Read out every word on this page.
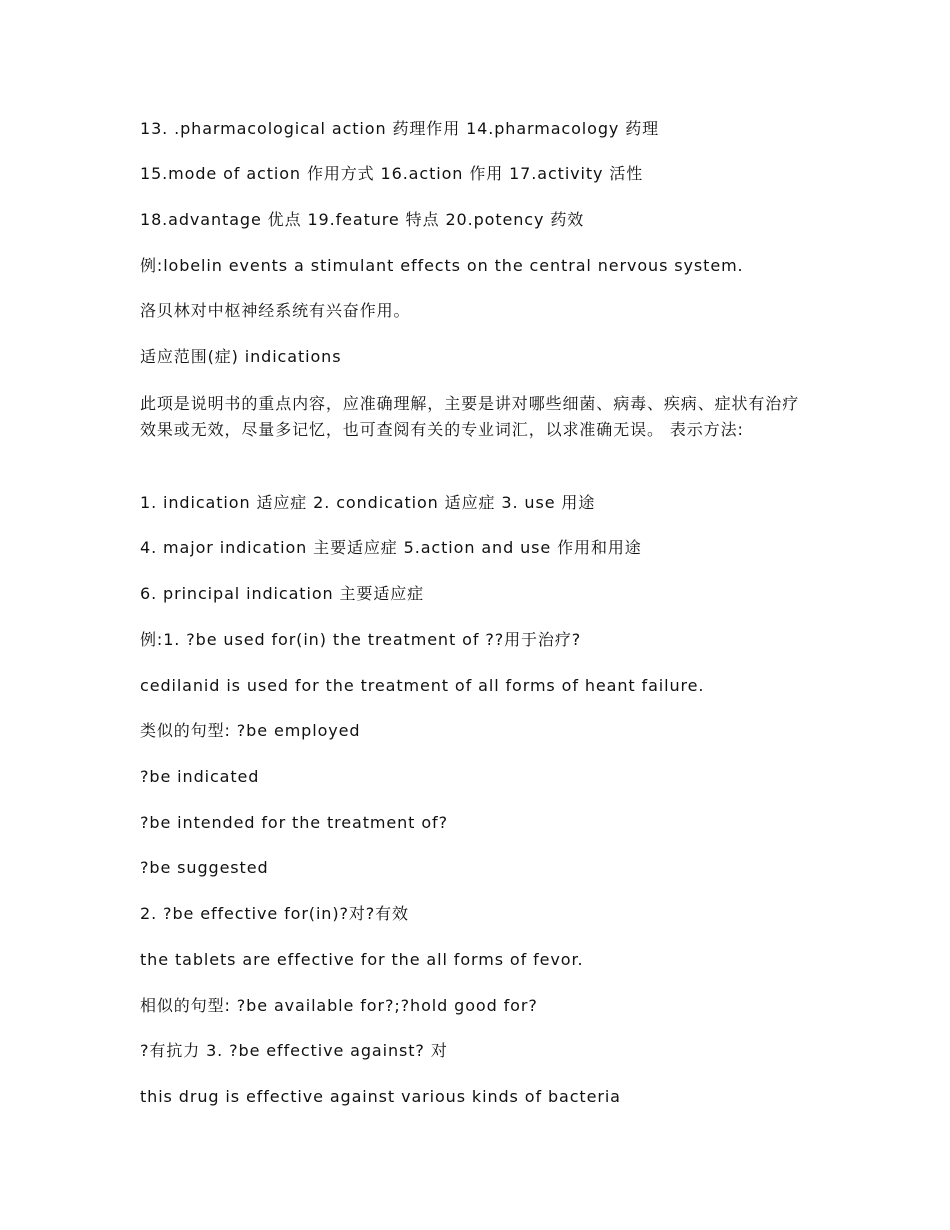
13. .pharmacological action 药理作用 14.pharmacology 药理
15.mode of action 作用方式 16.action 作用 17.activity 活性
18.advantage 优点 19.feature 特点 20.potency 药效
例:lobelin events a stimulant effects on the central nervous system.
洛贝林对中枢神经系统有兴奋作用。
适应范围(症) indications
此项是说明书的重点内容，应准确理解，主要是讲对哪些细菌、病毒、疾病、症状有治疗效果或无效，尽量多记忆，也可查阅有关的专业词汇，以求准确无误。 表示方法:
1. indication 适应症 2. condication 适应症 3. use 用途
4. major indication 主要适应症 5.action and use 作用和用途
6. principal indication 主要适应症
例:1. ?be used for(in) the treatment of ??用于治疗?
cedilanid is used for the treatment of all forms of heant failure.
类似的句型: ?be employed
?be indicated
?be intended for the treatment of?
?be suggested
2. ?be effective for(in)?对?有效
the tablets are effective for the all forms of fevor.
相似的句型: ?be available for?;?hold good for?
?有抗力 3. ?be effective against? 对
this drug is effective against various kinds of bacteria
